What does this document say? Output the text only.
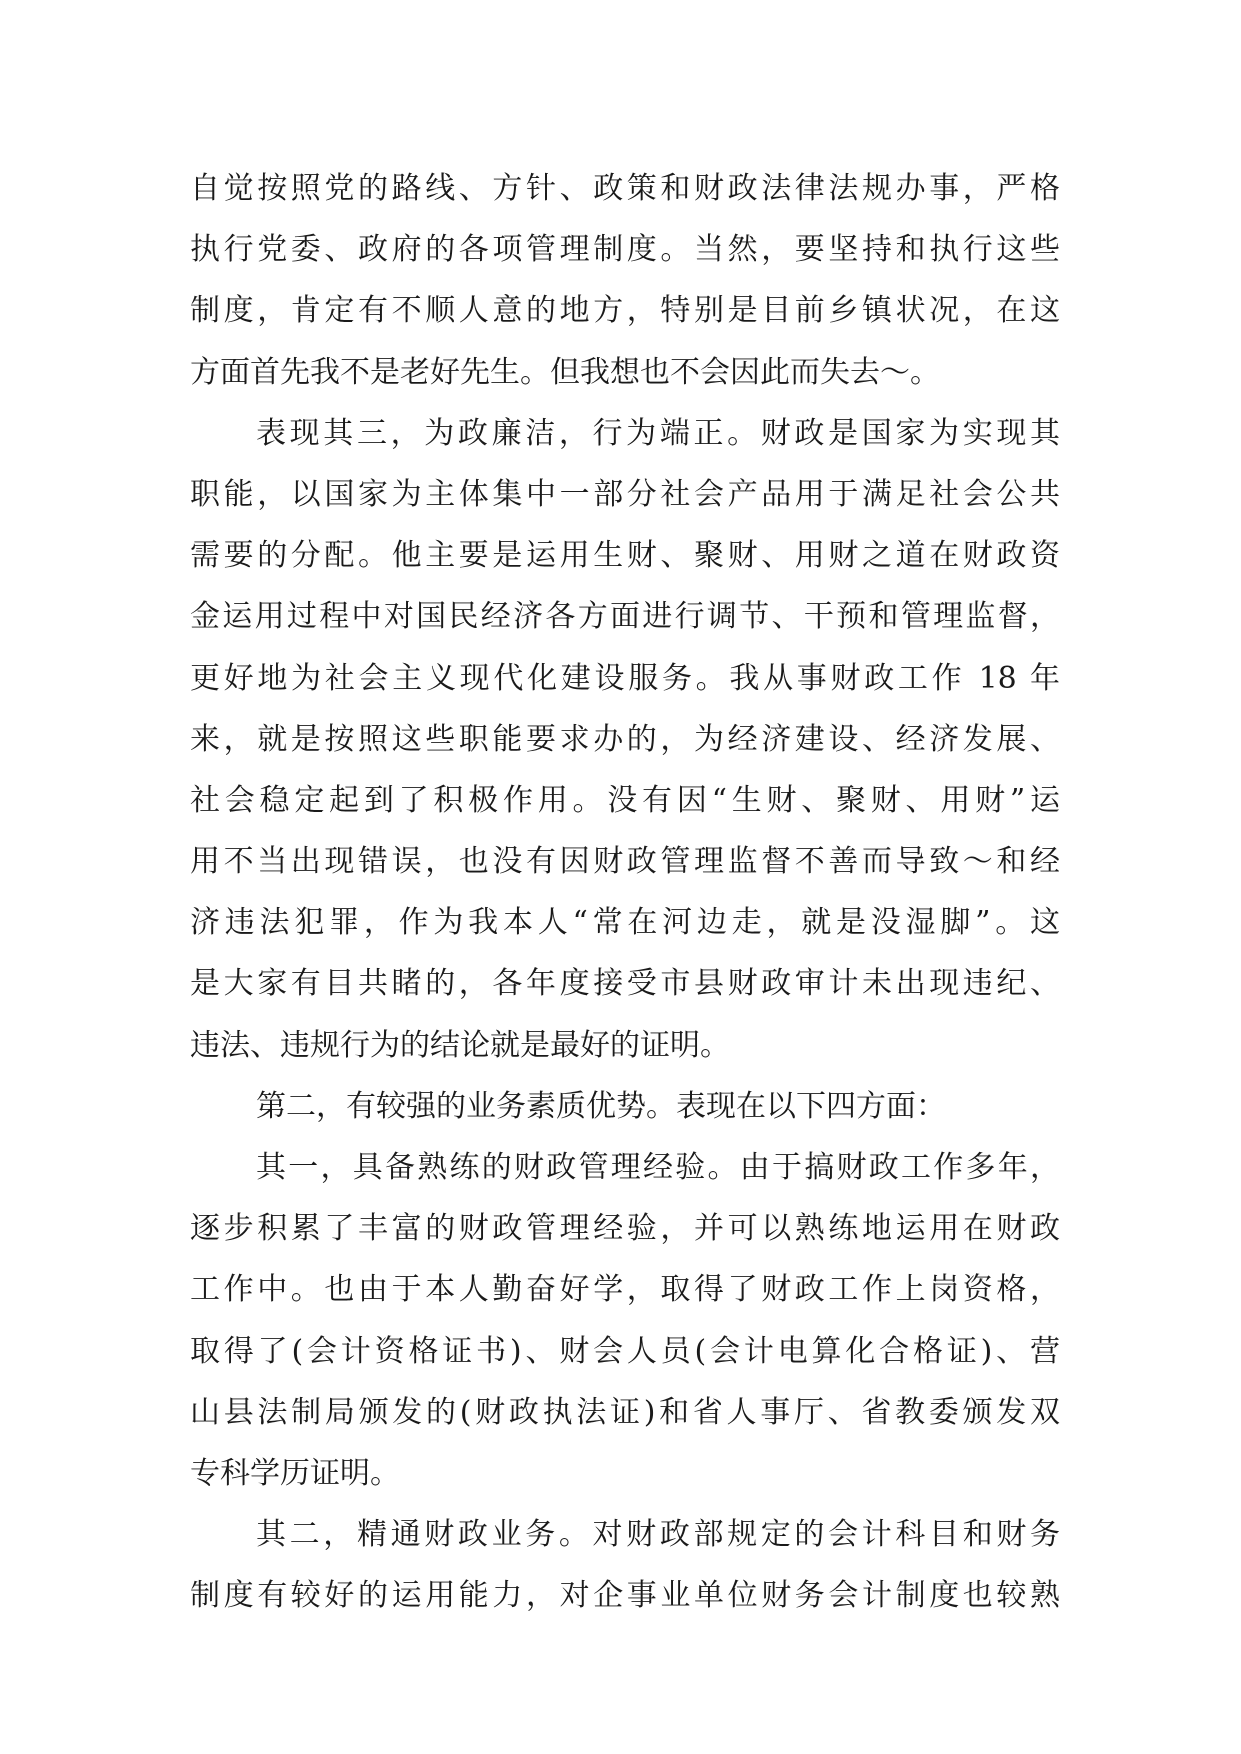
自觉按照党的路线、方针、政策和财政法律法规办事，严格
执行党委、政府的各项管理制度。当然，要坚持和执行这些
制度，肯定有不顺人意的地方，特别是目前乡镇状况，在这
方面首先我不是老好先生。但我想也不会因此而失去～。
表现其三，为政廉洁，行为端正。财政是国家为实现其
职能，以国家为主体集中一部分社会产品用于满足社会公共
需要的分配。他主要是运用生财、聚财、用财之道在财政资
金运用过程中对国民经济各方面进行调节、干预和管理监督，
更好地为社会主义现代化建设服务。我从事财政工作 18 年
来，就是按照这些职能要求办的，为经济建设、经济发展、
社会稳定起到了积极作用。没有因“生财、聚财、用财”运
用不当出现错误，也没有因财政管理监督不善而导致～和经
济违法犯罪，作为我本人“常在河边走，就是没湿脚”。这
是大家有目共睹的，各年度接受市县财政审计未出现违纪、
违法、违规行为的结论就是最好的证明。
第二，有较强的业务素质优势。表现在以下四方面：
其一，具备熟练的财政管理经验。由于搞财政工作多年，
逐步积累了丰富的财政管理经验，并可以熟练地运用在财政
工作中。也由于本人勤奋好学，取得了财政工作上岗资格，
取得了(会计资格证书)、财会人员(会计电算化合格证)、营
山县法制局颁发的(财政执法证)和省人事厅、省教委颁发双
专科学历证明。
其二，精通财政业务。对财政部规定的会计科目和财务
制度有较好的运用能力，对企事业单位财务会计制度也较熟
